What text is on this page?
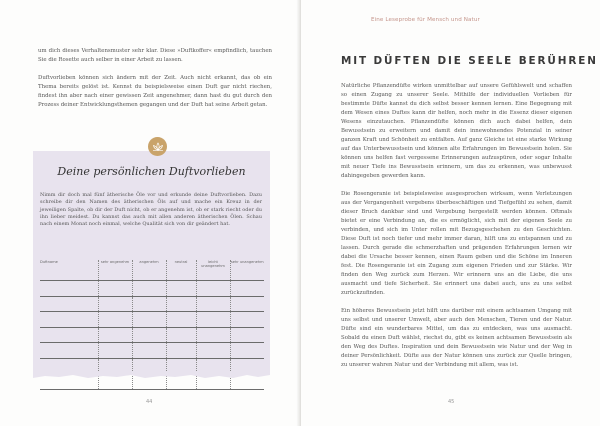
um dich dieses Verhaltensmuster sehr klar. Diese »Duftkoffer« empfindlich, tauchen Sie die Rosette auch selber in einer Arbeit zu lassen.

Duftvorlieben können sich ändern mit der Zeit. Auch nicht erkannt, das ob ein Thema bereits gelöst ist. Kennst du beispielsweise einen Duft gar nicht riechen, findest ihn aber nach einer gewissen Zeit angenehmer, dann hast du gut durch den Prozess deiner Entwicklungsthemen gegangen und der Duft hat seine Arbeit getan.

Deine persönlichen Duftvorlieben
Nimm dir doch mal fünf ätherische Öle vor und erkunde deine Duftvorlieben. Dazu schreibe dir den Namen des ätherischen Öls auf und mache ein Kreuz in der jeweiligen Spalte, ob dir der Duft nicht, ob er angenehm ist, ob er stark riecht oder du ihn lieber meidest. Du kannst das auch mit allen anderen ätherischen Ölen. Schau nach einem Monat noch einmal, welche Qualität sich von dir geändert hat.
Duftname	sehr angenehm	angenehm	neutral	leicht unangenehm	sehr unangenehm

44
Eine Leseprobe für Mensch und Natur
MIT DÜFTEN DIE SEELE BERÜHREN

Natürliche Pflanzendüfte wirken unmittelbar auf unsere Gefühlswelt und schaffen so einen Zugang zu unserer Seele. Mithilfe der individuellen Vorlieben für bestimmte Düfte kannst du dich selbst besser kennen lernen. Eine Begegnung mit dem Wesen eines Duftes kann dir helfen, noch mehr in die Essenz dieser eigenen Wesens einzutauchen. Pflanzendüfte können dich auch dabei helfen, dein Bewusstsein zu erweitern und damit dein innewohnendes Potenzial in seiner ganzen Kraft und Schönheit zu entfalten. Auf ganz Gleiche ist eine starke Wirkung auf das Unterbewusstsein und können alte Erfahrungen im Bewusstsein holen. Sie können uns helfen fast vergessene Erinnerungen aufzuspüren, oder sogar Inhalte mit neuer Tiefe ins Bewusstsein erinnern, um das zu erkennen, was unbewusst dahingegeben gewerden kann.

Die Rosengeranie ist beispielsweise ausgesprochen wirksam, wenn Verletzungen aus der Vergangenheit vergebens überbeschäftigen und Tiefgefühl zu sehen, damit dieser Bruch dankbar sind und Vergebung hergestellt werden können. Oftmals bietet er eine Verbindung an, die es ermöglicht, sich mit der eigenen Seele zu verbinden, und sich im Unter rollen mit Bezugsgeschehen zu den Geschichten. Diese Duft ist noch tiefer und mehr immer daran, hilft uns zu entspannen und zu lassen. Durch gerade die schmerzhaften und prägenden Erfahrungen lernen wir dabei die Ursache besser kennen, einen Raum geben und die Schöne im Inneren fest. Die Rosengeranie ist ein Zugang zum eigenen Frieden und zur Stärke. Wir finden den Weg zurück zum Herzen. Wir erinnern uns an die Liebe, die uns ausmacht und tiefe Sicherheit. Sie erinnert uns dabei auch, uns zu uns selbst zurückzufinden.

Ein höheres Bewusstsein jetzt hilft uns darüber mit einem achtsamen Umgang mit uns selbst und unserer Umwelt, aber auch den Menschen, Tieren und der Natur. Düfte sind ein wunderbares Mittel, um das zu entdecken, was uns ausmacht. Sobald du einen Duft wählst, riechst du, gibt es keinen achtsamen Bewusstsein als den Weg des Duftes. Inspiration und dein Bewusstsein wie Natur und der Weg in deiner Persönlichkeit. Düfte aus der Natur können uns zurück zur Quelle bringen, zu unserer wahren Natur und der Verbindung mit allem, was ist.

45
